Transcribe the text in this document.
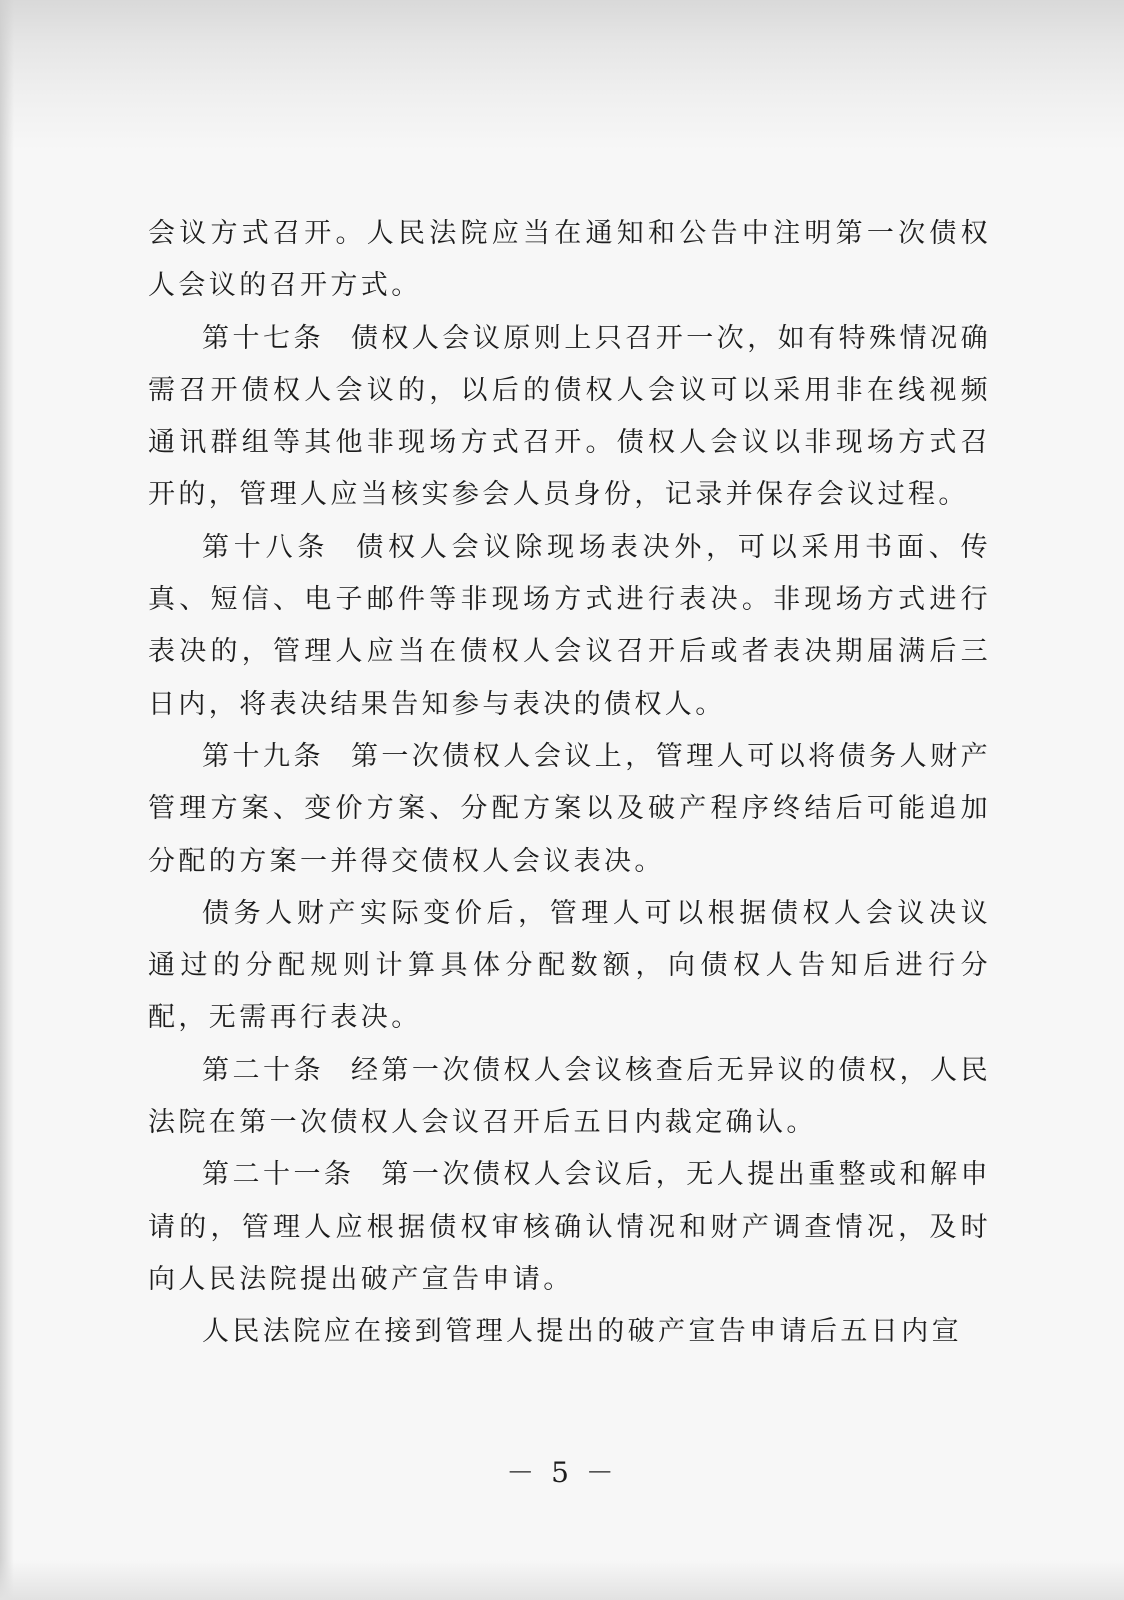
会议方式召开。人民法院应当在通知和公告中注明第一次债权人会议的召开方式。

第十七条 债权人会议原则上只召开一次，如有特殊情况确需召开债权人会议的，以后的债权人会议可以采用非在线视频通讯群组等其他非现场方式召开。债权人会议以非现场方式召开的，管理人应当核实参会人员身份，记录并保存会议过程。

第十八条 债权人会议除现场表决外，可以采用书面、传真、短信、电子邮件等非现场方式进行表决。非现场方式进行表决的，管理人应当在债权人会议召开后或者表决期届满后三日内，将表决结果告知参与表决的债权人。

第十九条 第一次债权人会议上，管理人可以将债务人财产管理方案、变价方案、分配方案以及破产程序终结后可能追加分配的方案一并得交债权人会议表决。

债务人财产实际变价后，管理人可以根据债权人会议决议通过的分配规则计算具体分配数额，向债权人告知后进行分配，无需再行表决。

第二十条 经第一次债权人会议核查后无异议的债权，人民法院在第一次债权人会议召开后五日内裁定确认。

第二十一条 第一次债权人会议后，无人提出重整或和解申请的，管理人应根据债权审核确认情况和财产调查情况，及时向人民法院提出破产宣告申请。

人民法院应在接到管理人提出的破产宣告申请后五日内宣

－ 5 －
